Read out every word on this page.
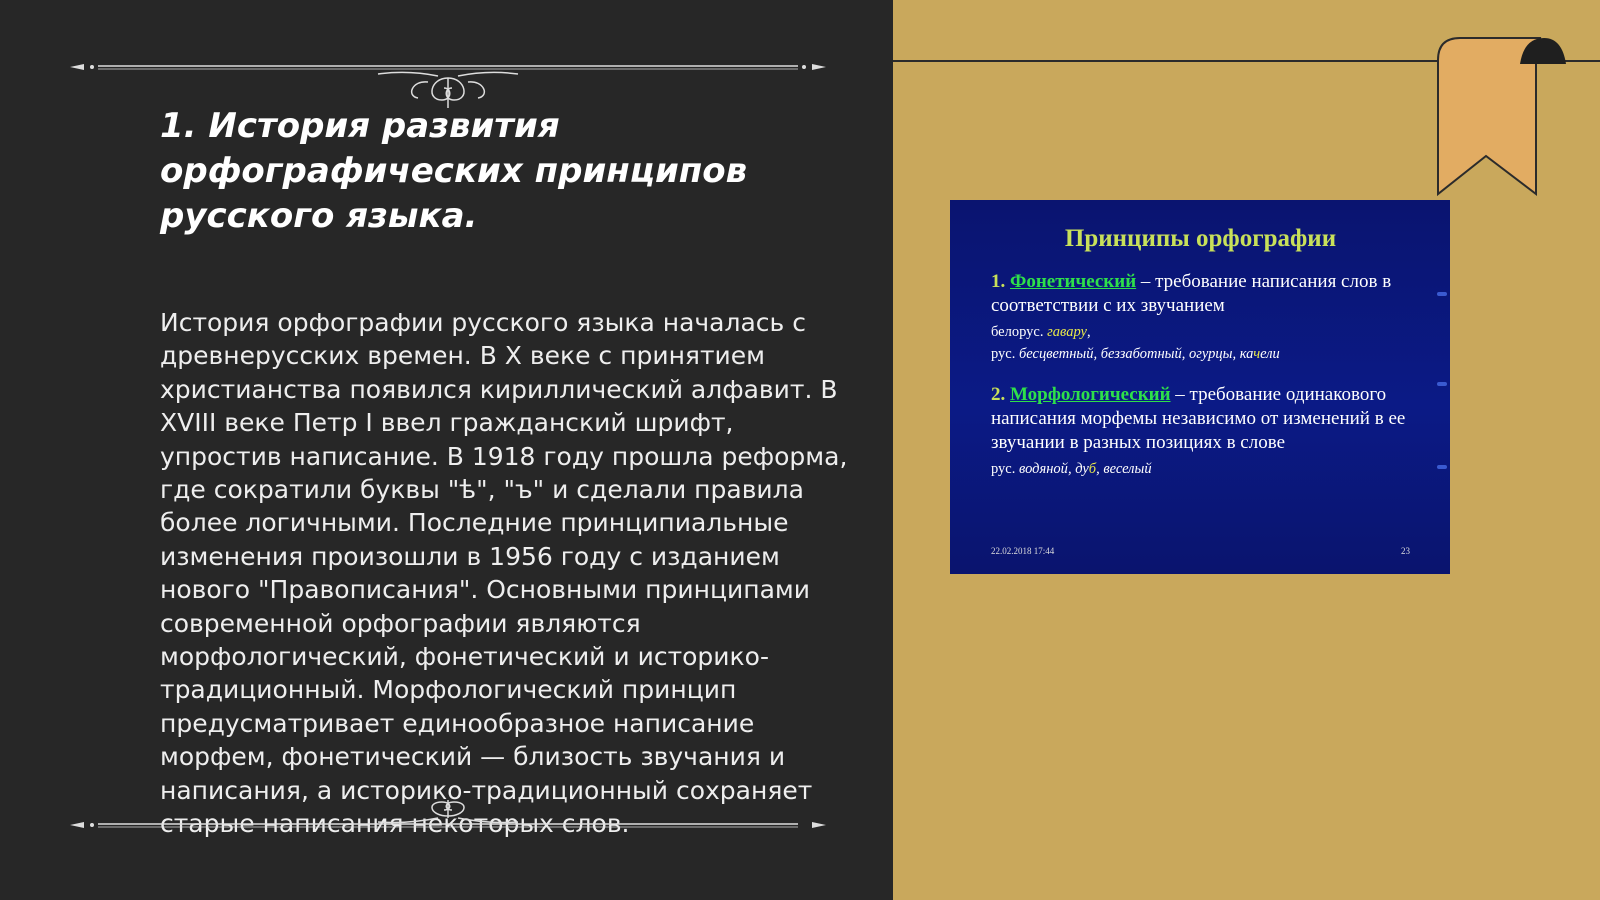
1. История развития орфографических принципов русского языка.

История орфографии русского языка началась с древнерусских времен. В X веке с принятием христианства появился кириллический алфавит. В XVIII веке Петр I ввел гражданский шрифт, упростив написание. В 1918 году прошла реформа, где сократили буквы "ѣ", "ъ" и сделали правила более логичными. Последние принципиальные изменения произошли в 1956 году с изданием нового "Правописания". Основными принципами современной орфографии являются морфологический, фонетический и историко-традиционный. Морфологический принцип предусматривает единообразное написание морфем, фонетический — близость звучания и написания, а историко-традиционный сохраняет старые написания некоторых слов.

Принципы орфографии

1. Фонетический – требование написания слов в соответствии с их звучанием

белорус. гавару,

рус. бесцветный, беззаботный, огурцы, качели

2. Морфологический – требование одинакового написания морфемы независимо от изменений в ее звучании в разных позициях в слове

рус. водяной, дуб, веселый

22.02.2018 17:44	23
